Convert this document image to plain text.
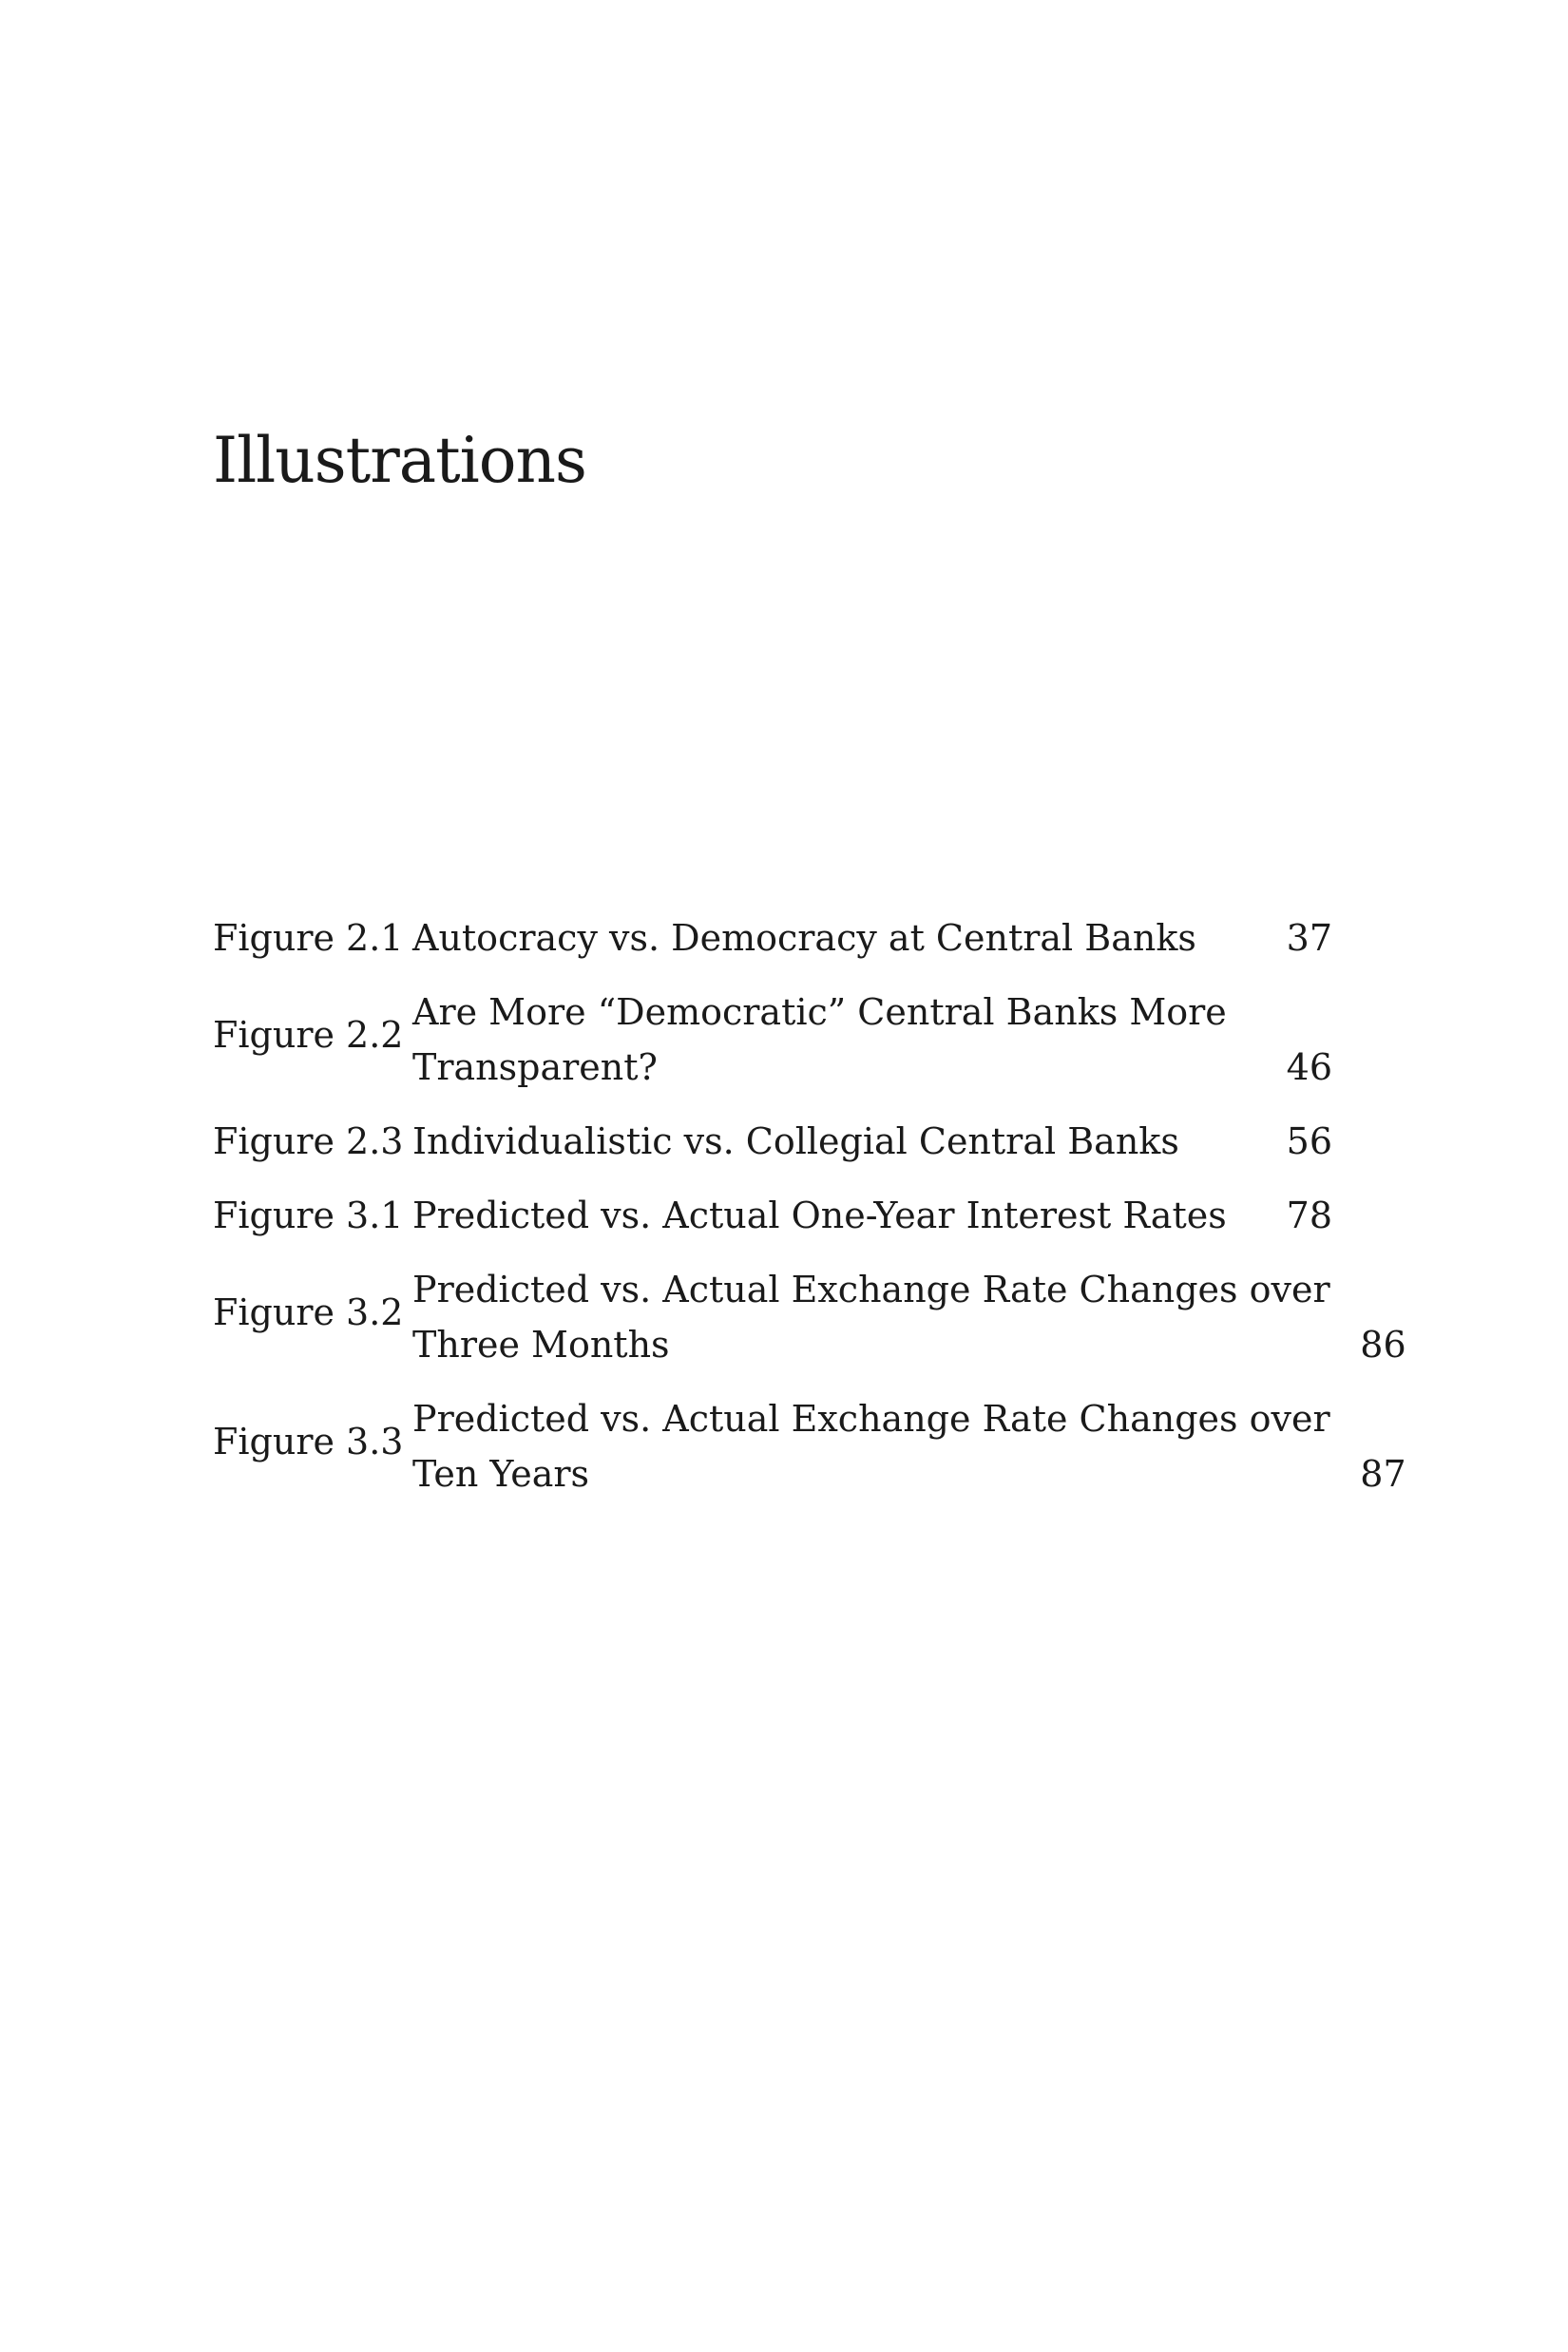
Illustrations
Figure 2.1 Autocracy vs. Democracy at Central Banks	37
Figure 2.2
Are More “Democratic” Central Banks More
Transparent?	46
Figure 2.3 Individualistic vs. Collegial Central Banks	56
Figure 3.1 Predicted vs. Actual One-Year Interest Rates	78
Figure 3.2
Predicted vs. Actual Exchange Rate Changes over
Three Months	86
Figure 3.3
Predicted vs. Actual Exchange Rate Changes over
Ten Years	87
